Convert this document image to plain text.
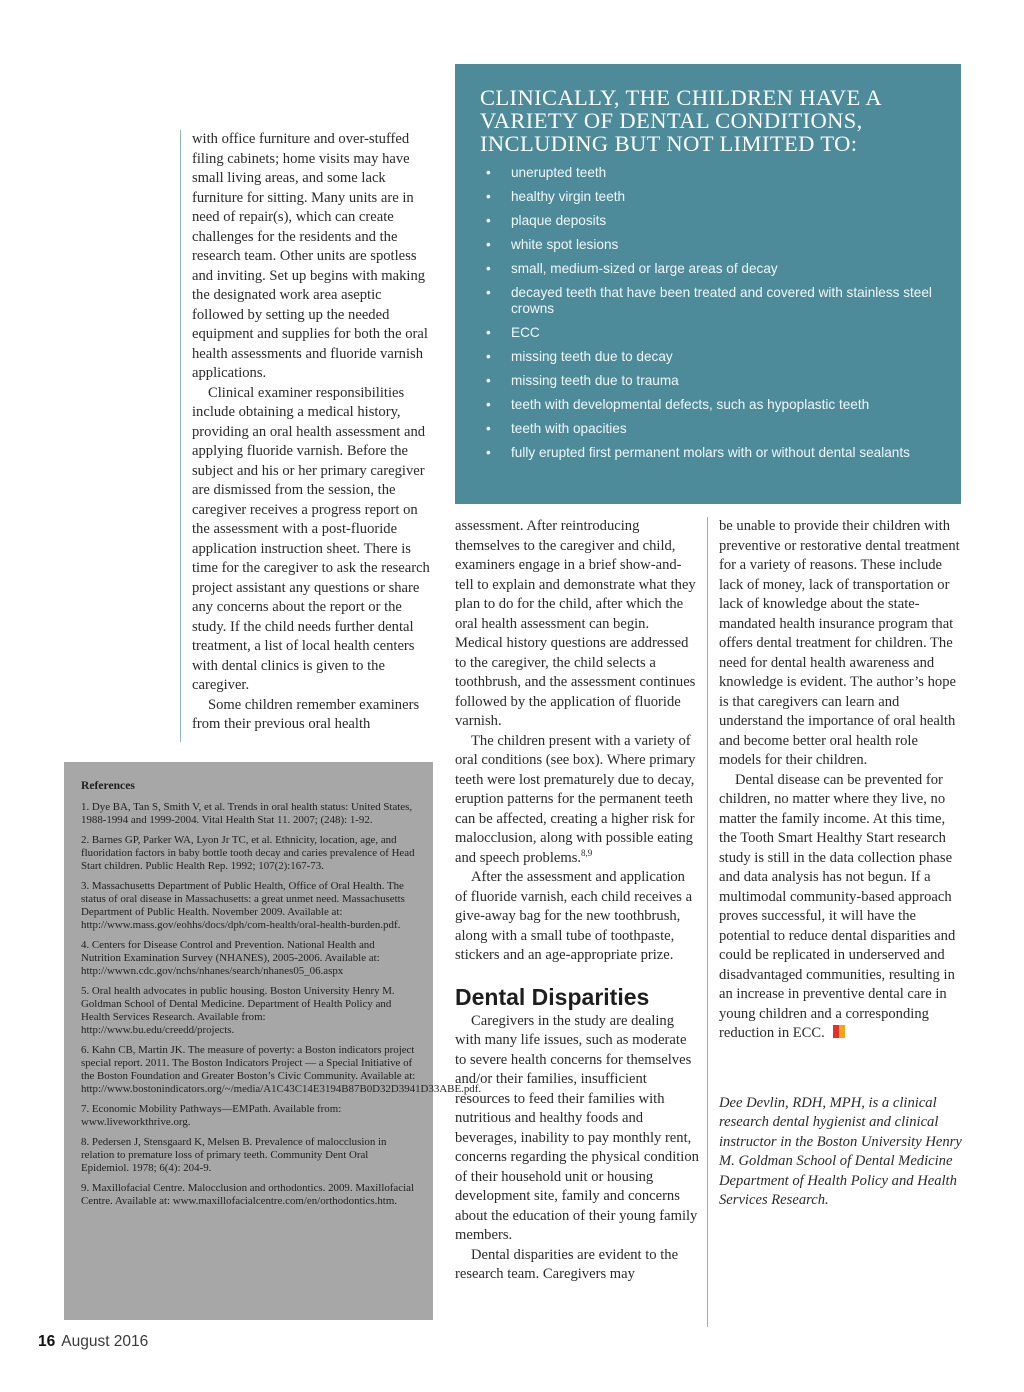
with office furniture and over-stuffed filing cabinets; home visits may have small living areas, and some lack furniture for sitting. Many units are in need of repair(s), which can create challenges for the residents and the research team. Other units are spotless and inviting. Set up begins with making the designated work area aseptic followed by setting up the needed equipment and supplies for both the oral health assessments and fluoride varnish applications.

Clinical examiner responsibilities include obtaining a medical history, providing an oral health assessment and applying fluoride varnish. Before the subject and his or her primary caregiver are dismissed from the session, the caregiver receives a progress report on the assessment with a post-fluoride application instruction sheet. There is time for the caregiver to ask the research project assistant any questions or share any concerns about the report or the study. If the child needs further dental treatment, a list of local health centers with dental clinics is given to the caregiver.

Some children remember examiners from their previous oral health

CLINICALLY, THE CHILDREN HAVE A VARIETY OF DENTAL CONDITIONS, INCLUDING BUT NOT LIMITED TO:
• unerupted teeth
• healthy virgin teeth
• plaque deposits
• white spot lesions
• small, medium-sized or large areas of decay
• decayed teeth that have been treated and covered with stainless steel crowns
• ECC
• missing teeth due to decay
• missing teeth due to trauma
• teeth with developmental defects, such as hypoplastic teeth
• teeth with opacities
• fully erupted first permanent molars with or without dental sealants

assessment. After reintroducing themselves to the caregiver and child, examiners engage in a brief show-and-tell to explain and demonstrate what they plan to do for the child, after which the oral health assessment can begin. Medical history questions are addressed to the caregiver, the child selects a toothbrush, and the assessment continues followed by the application of fluoride varnish.

The children present with a variety of oral conditions (see box). Where primary teeth were lost prematurely due to decay, eruption patterns for the permanent teeth can be affected, creating a higher risk for malocclusion, along with possible eating and speech problems.$^{8,9}$

After the assessment and application of fluoride varnish, each child receives a give-away bag for the new toothbrush, along with a small tube of toothpaste, stickers and an age-appropriate prize.

Dental Disparities

Caregivers in the study are dealing with many life issues, such as moderate to severe health concerns for themselves and/or their families, insufficient resources to feed their families with nutritious and healthy foods and beverages, inability to pay monthly rent, concerns regarding the physical condition of their household unit or housing development site, family and concerns about the education of their young family members.

Dental disparities are evident to the research team. Caregivers may

be unable to provide their children with preventive or restorative dental treatment for a variety of reasons. These include lack of money, lack of transportation or lack of knowledge about the state-mandated health insurance program that offers dental treatment for children. The need for dental health awareness and knowledge is evident. The author’s hope is that caregivers can learn and understand the importance of oral health and become better oral health role models for their children.

Dental disease can be prevented for children, no matter where they live, no matter the family income. At this time, the Tooth Smart Healthy Start research study is still in the data collection phase and data analysis has not begun. If a multimodal community-based approach proves successful, it will have the potential to reduce dental disparities and could be replicated in underserved and disadvantaged communities, resulting in an increase in preventive dental care in young children and a corresponding reduction in ECC.

Dee Devlin, RDH, MPH, is a clinical research dental hygienist and clinical instructor in the Boston University Henry M. Goldman School of Dental Medicine Department of Health Policy and Health Services Research.

References
1. Dye BA, Tan S, Smith V, et al. Trends in oral health status: United States, 1988-1994 and 1999-2004. Vital Health Stat 11. 2007; (248): 1-92.
2. Barnes GP, Parker WA, Lyon Jr TC, et al. Ethnicity, location, age, and fluoridation factors in baby bottle tooth decay and caries prevalence of Head Start children. Public Health Rep. 1992; 107(2):167-73.
3. Massachusetts Department of Public Health, Office of Oral Health. The status of oral disease in Massachusetts: a great unmet need. Massachusetts Department of Public Health. November 2009. Available at: http://www.mass.gov/eohhs/docs/dph/com-health/oral-health-burden.pdf.
4. Centers for Disease Control and Prevention. National Health and Nutrition Examination Survey (NHANES), 2005-2006. Available at: http://wwwn.cdc.gov/nchs/nhanes/search/nhanes05_06.aspx
5. Oral health advocates in public housing. Boston University Henry M. Goldman School of Dental Medicine. Department of Health Policy and Health Services Research. Available from: http://www.bu.edu/creedd/projects.
6. Kahn CB, Martin JK. The measure of poverty: a Boston indicators project special report. 2011. The Boston Indicators Project — a Special Initiative of the Boston Foundation and Greater Boston’s Civic Community. Available at: http://www.bostonindicators.org/~/media/A1C43C14E3194B87B0D32D3941D33ABE.pdf.
7. Economic Mobility Pathways—EMPath. Available from: www.liveworkthrive.org.
8. Pedersen J, Stensgaard K, Melsen B. Prevalence of malocclusion in relation to premature loss of primary teeth. Community Dent Oral Epidemiol. 1978; 6(4): 204-9.
9. Maxillofacial Centre. Malocclusion and orthodontics. 2009. Maxillofacial Centre. Available at: www.maxillofacialcentre.com/en/orthodontics.htm.
16 August 2016
